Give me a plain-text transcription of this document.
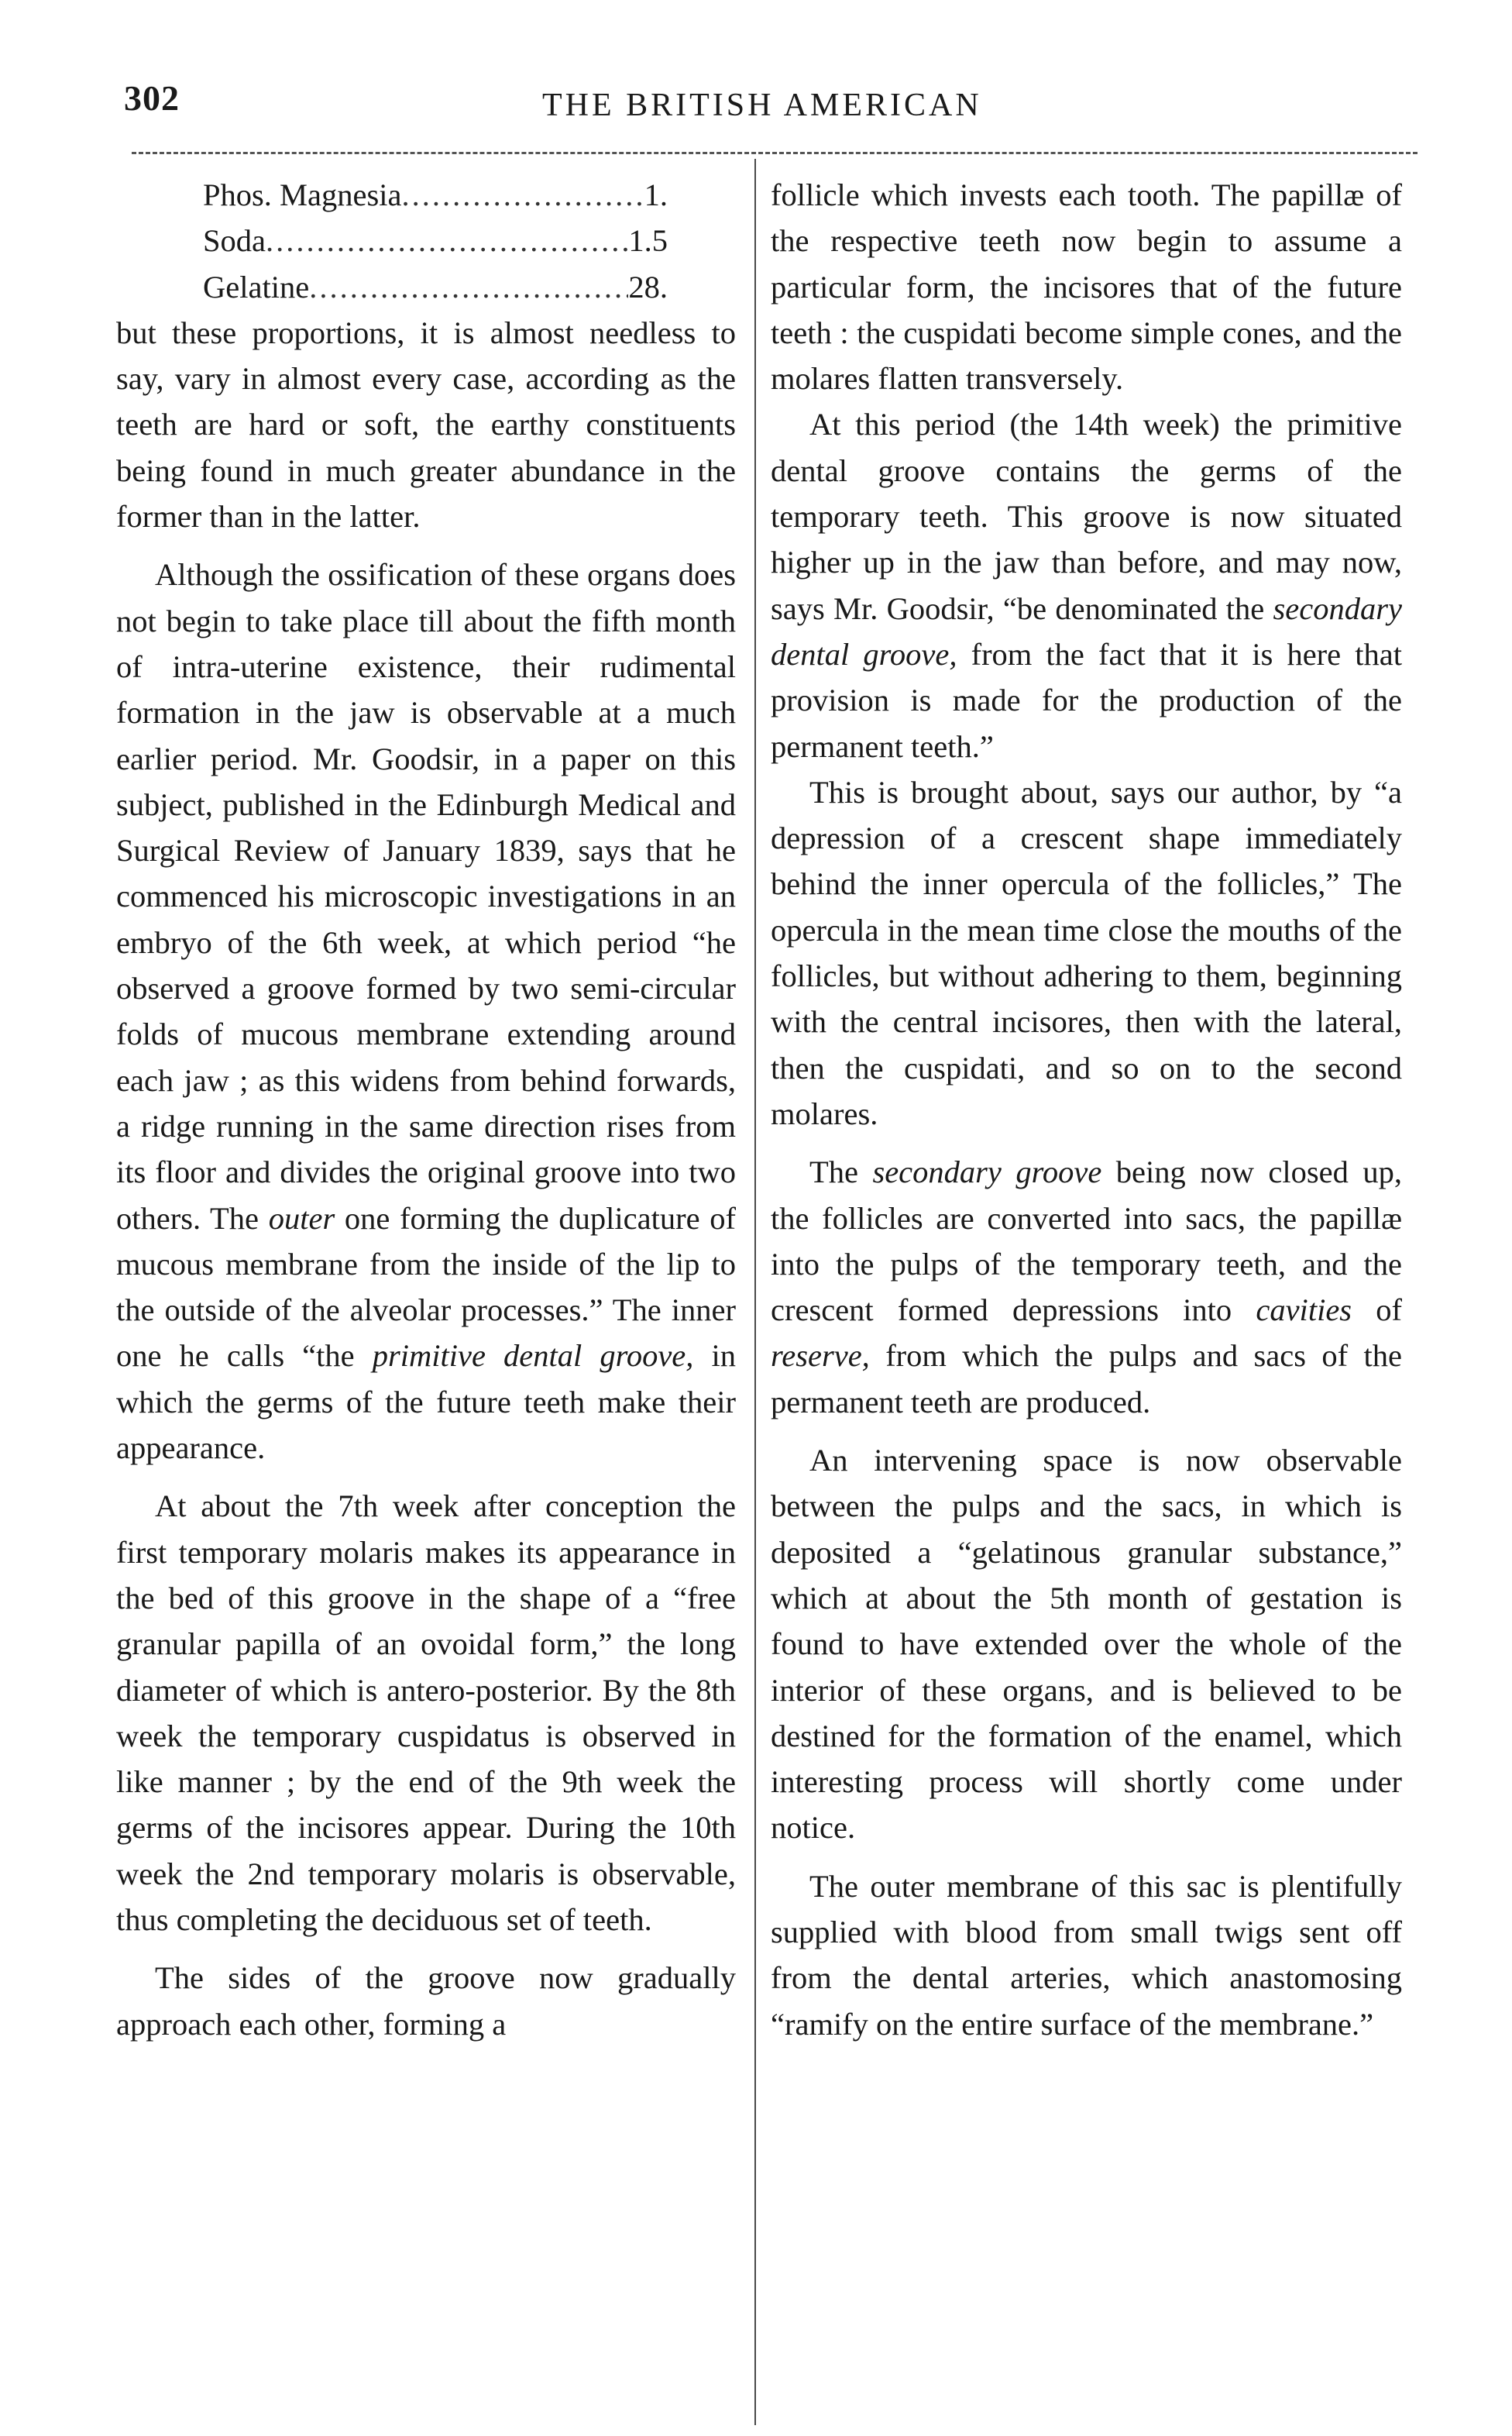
302	THE BRITISH AMERICAN
Phos. Magnesia .....	1.
Soda .....	1.5
Gelatine .....	28.

but these proportions, it is almost needless to say, vary in almost every case, according as the teeth are hard or soft, the earthy constituents being found in much greater abundance in the former than in the latter.

Although the ossification of these organs does not begin to take place till about the fifth month of intra-uterine existence, their rudimental formation in the jaw is observable at a much earlier period. Mr. Goodsir, in a paper on this subject, published in the Edinburgh Medical and Surgical Review of January 1839, says that he commenced his microscopic investigations in an embryo of the 6th week, at which period “he observed a groove formed by two semi-circular folds of mucous membrane extending around each jaw ; as this widens from behind forwards, a ridge running in the same direction rises from its floor and divides the original groove into two others. The outer one forming the duplicature of mucous membrane from the inside of the lip to the outside of the alveolar processes.” The inner one he calls “the primitive dental groove, in which the germs of the future teeth make their appearance.

At about the 7th week after conception the first temporary molaris makes its appearance in the bed of this groove in the shape of a “free granular papilla of an ovoidal form,” the long diameter of which is antero-posterior. By the 8th week the temporary cuspidatus is observed in like manner ; by the end of the 9th week the germs of the incisores appear. During the 10th week the 2nd temporary molaris is observable, thus completing the deciduous set of teeth.

The sides of the groove now gradually approach each other, forming a

follicle which invests each tooth. The papillæ of the respective teeth now begin to assume a particular form, the incisores that of the future teeth : the cuspidati become simple cones, and the molares flatten transversely.

At this period (the 14th week) the primitive dental groove contains the germs of the temporary teeth. This groove is now situated higher up in the jaw than before, and may now, says Mr. Goodsir, “be denominated the secondary dental groove, from the fact that it is here that provision is made for the production of the permanent teeth.”

This is brought about, says our author, by “a depression of a crescent shape immediately behind the inner opercula of the follicles,” The opercula in the mean time close the mouths of the follicles, but without adhering to them, beginning with the central incisores, then with the lateral, then the cuspidati, and so on to the second molares.

The secondary groove being now closed up, the follicles are converted into sacs, the papillæ into the pulps of the temporary teeth, and the crescent formed depressions into cavities of reserve, from which the pulps and sacs of the permanent teeth are produced.

An intervening space is now observable between the pulps and the sacs, in which is deposited a “gelatinous granular substance,” which at about the 5th month of gestation is found to have extended over the whole of the interior of these organs, and is believed to be destined for the formation of the enamel, which interesting process will shortly come under notice.

The outer membrane of this sac is plentifully supplied with blood from small twigs sent off from the dental arteries, which anastomosing “ramify on the entire surface of the membrane.”
